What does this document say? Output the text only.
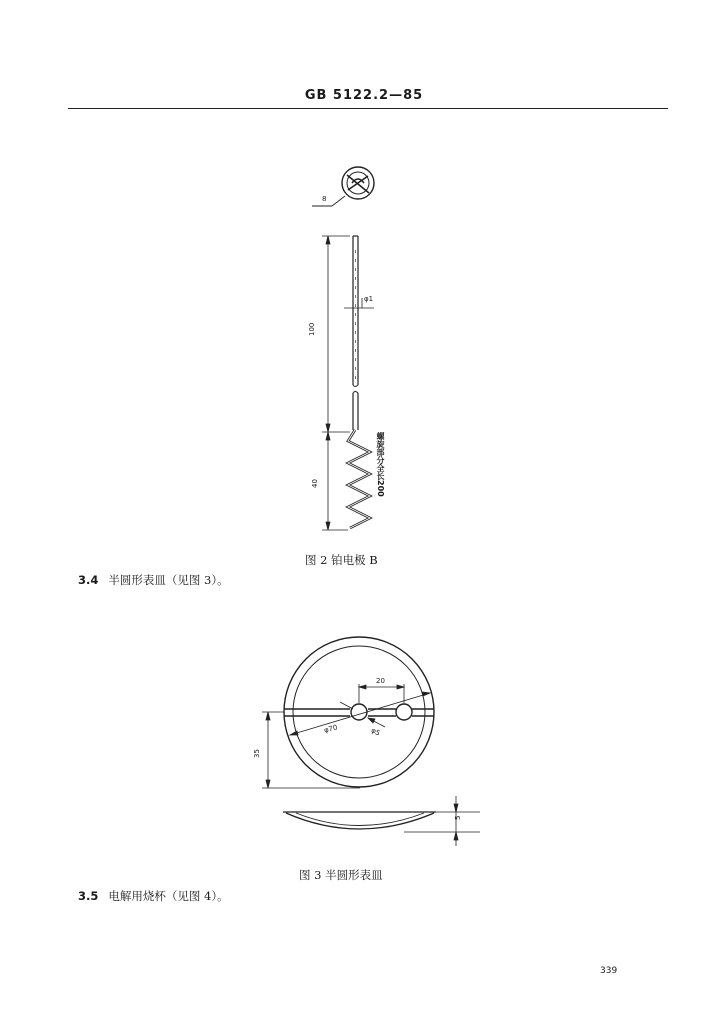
GB 5122.2—85
8
φ1
100
40	螺旋部分全长200
图 2 铂电极 B
3.4 半圆形表皿（见图 3）。
20
φ70	φ5
35
5
图 3 半圆形表皿
3.5 电解用烧杯（见图 4）。
339
